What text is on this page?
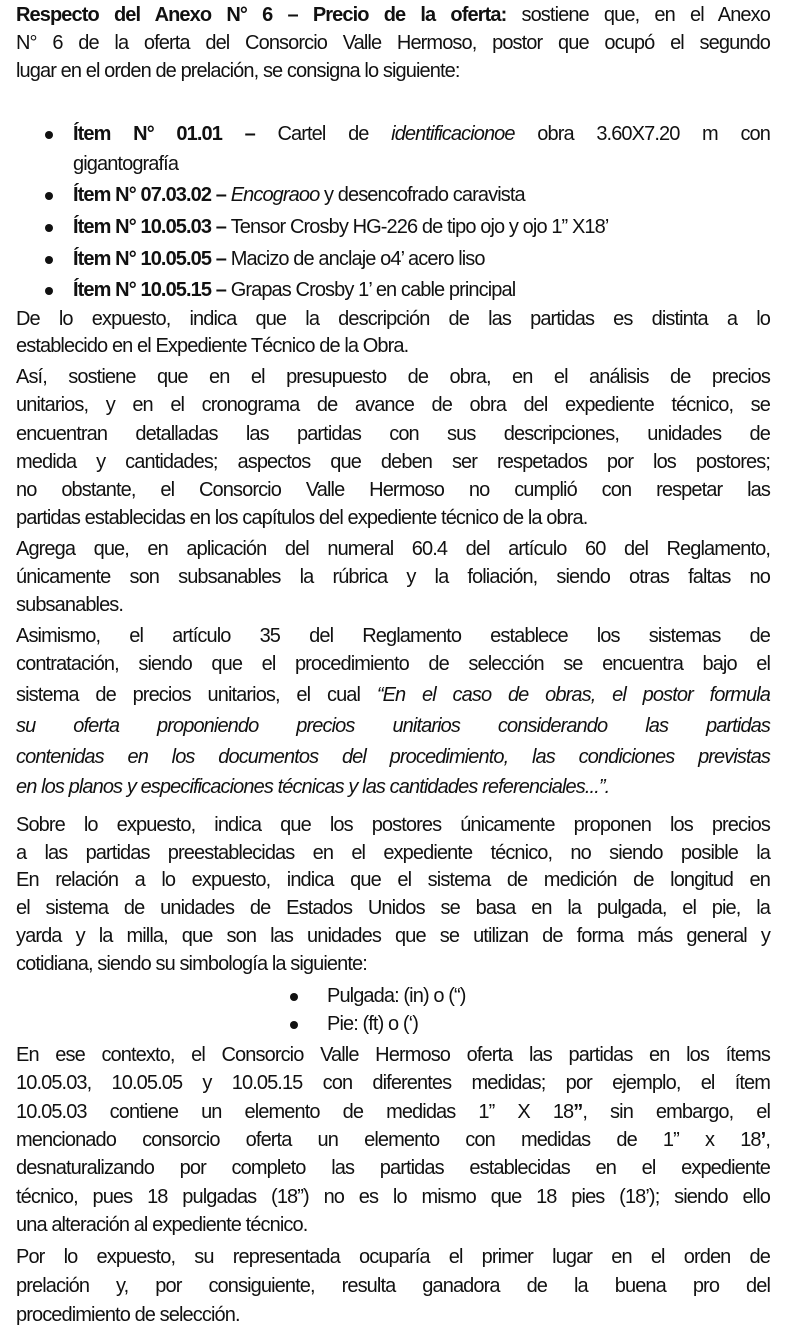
Respecto del Anexo N° 6 – Precio de la oferta: sostiene que, en el Anexo
N° 6 de la oferta del Consorcio Valle Hermoso, postor que ocupó el segundo
lugar en el orden de prelación, se consigna lo siguiente:
Ítem N° 01.01 – Cartel de identificacionoe obra 3.60X7.20 m con
gigantografía
Ítem N° 07.03.02 – Encograoo y desencofrado caravista
Ítem N° 10.05.03 – Tensor Crosby HG-226 de tipo ojo y ojo 1” X18’
Ítem N° 10.05.05 – Macizo de anclaje o4’ acero liso
Ítem N° 10.05.15 – Grapas Crosby 1’ en cable principal
De lo expuesto, indica que la descripción de las partidas es distinta a lo
establecido en el Expediente Técnico de la Obra.
Así, sostiene que en el presupuesto de obra, en el análisis de precios
unitarios, y en el cronograma de avance de obra del expediente técnico, se
encuentran detalladas las partidas con sus descripciones, unidades de
medida y cantidades; aspectos que deben ser respetados por los postores;
no obstante, el Consorcio Valle Hermoso no cumplió con respetar las
partidas establecidas en los capítulos del expediente técnico de la obra.
Agrega que, en aplicación del numeral 60.4 del artículo 60 del Reglamento,
únicamente son subsanables la rúbrica y la foliación, siendo otras faltas no
subsanables.
Asimismo, el artículo 35 del Reglamento establece los sistemas de
contratación, siendo que el procedimiento de selección se encuentra bajo el
sistema de precios unitarios, el cual “En el caso de obras, el postor formula
su oferta proponiendo precios unitarios considerando las partidas
contenidas en los documentos del procedimiento, las condiciones previstas
en los planos y especificaciones técnicas y las cantidades referenciales...”.
Sobre lo expuesto, indica que los postores únicamente proponen los precios
a las partidas preestablecidas en el expediente técnico, no siendo posible la
En relación a lo expuesto, indica que el sistema de medición de longitud en
el sistema de unidades de Estados Unidos se basa en la pulgada, el pie, la
yarda y la milla, que son las unidades que se utilizan de forma más general y
cotidiana, siendo su simbología la siguiente:
Pulgada: (in) o (“)
Pie: (ft) o (‘)
En ese contexto, el Consorcio Valle Hermoso oferta las partidas en los ítems
10.05.03, 10.05.05 y 10.05.15 con diferentes medidas; por ejemplo, el ítem
10.05.03 contiene un elemento de medidas 1” X 18”, sin embargo, el
mencionado consorcio oferta un elemento con medidas de 1” x 18’,
desnaturalizando por completo las partidas establecidas en el expediente
técnico, pues 18 pulgadas (18”) no es lo mismo que 18 pies (18’); siendo ello
una alteración al expediente técnico.
Por lo expuesto, su representada ocuparía el primer lugar en el orden de
prelación y, por consiguiente, resulta ganadora de la buena pro del
procedimiento de selección.
